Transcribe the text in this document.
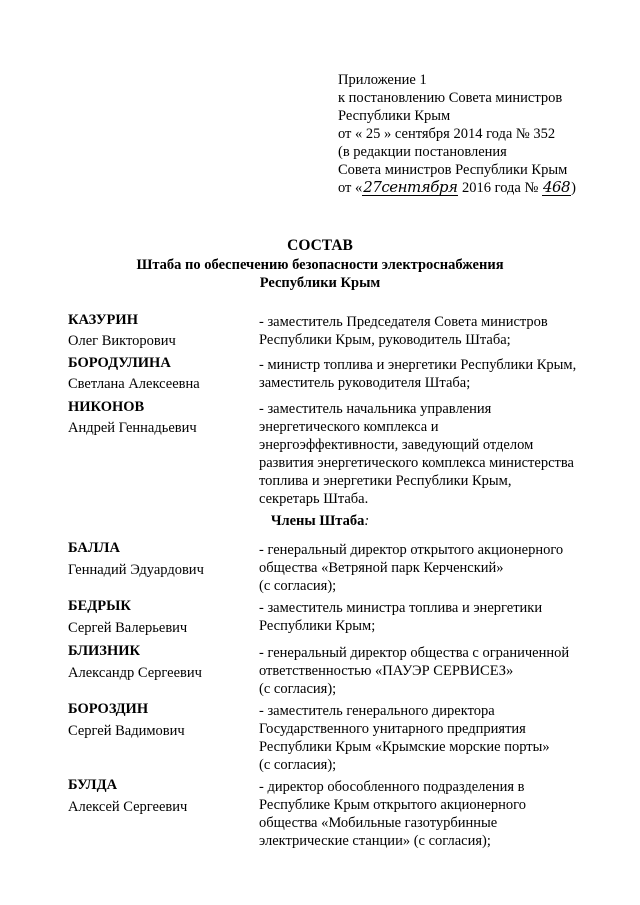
Приложение 1
к постановлению Совета министров
Республики Крым
от « 25 » сентября 2014 года № 352
(в редакции постановления
Совета министров Республики Крым
от «27сентября 2016 года № 468)
СОСТАВ
Штаба по обеспечению безопасности электроснабжения
Республики Крым
КАЗУРИН
Олег Викторович
- заместитель Председателя Совета министров
Республики Крым, руководитель Штаба;
БОРОДУЛИНА
Светлана Алексеевна
- министр топлива и энергетики Республики Крым,
заместитель руководителя Штаба;
НИКОНОВ
Андрей Геннадьевич
- заместитель начальника управления
энергетического комплекса и
энергоэффективности, заведующий отделом
развития энергетического комплекса министерства
топлива и энергетики Республики Крым,
секретарь Штаба.
Члены Штаба:
БАЛЛА
Геннадий Эдуардович
- генеральный директор открытого акционерного
общества «Ветряной парк Керченский»
(с согласия);
БЕДРЫК
Сергей Валерьевич
- заместитель министра топлива и энергетики
Республики Крым;
БЛИЗНИК
Александр Сергеевич
- генеральный директор общества с ограниченной
ответственностью «ПАУЭР СЕРВИСЕЗ»
(с согласия);
БОРОЗДИН
Сергей Вадимович
- заместитель генерального директора
Государственного унитарного предприятия
Республики Крым «Крымские морские порты»
(с согласия);
БУЛДА
Алексей Сергеевич
- директор обособленного подразделения в
Республике Крым открытого акционерного
общества «Мобильные газотурбинные
электрические станции» (с согласия);
